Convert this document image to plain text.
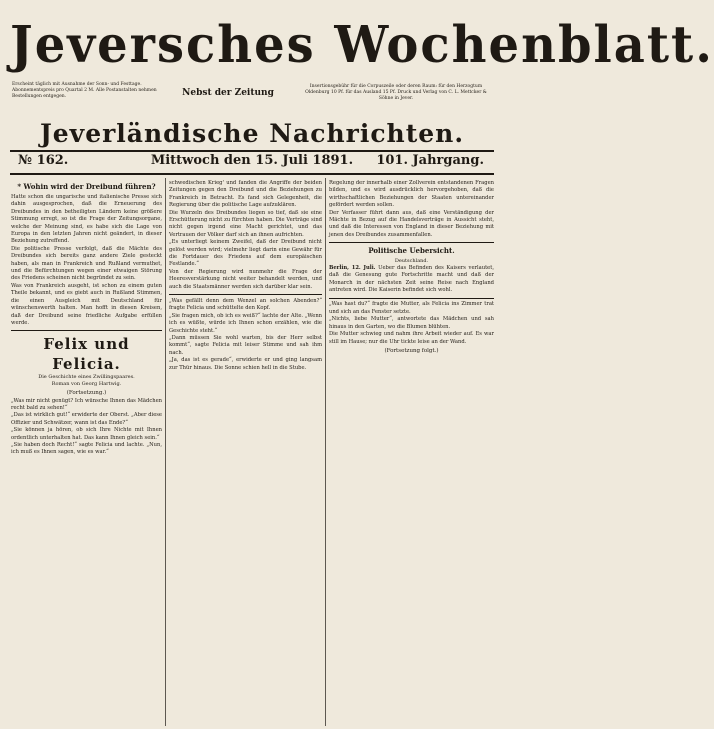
Jeversches Wochenblatt.
Erscheint täglich mit Ausnahme der Sonn- und Festtage. Abonnementspreis pro Quartal 2 M. Alle Postanstalten nehmen Bestellungen entgegen.	Nebst der Zeitung
Insertionsgebühr für die Corpuszeile oder deren Raum: für den Herzogtum Oldenburg 10 Pf. für das Ausland 15 Pf. Druck und Verlag von C. L. Mettcker & Söhne in Jever.
Jeverländische Nachrichten.
№ 162.	Mittwoch den 15. Juli 1891.	101. Jahrgang.
* Wohin wird der Dreibund führen?

Hatte schon die ungarische und italienische Presse sich dahin ausgesprochen, daß die Erneuerung des Dreibundes in den betheiligten Ländern keine größere Stimmung erregt, so ist die Frage der Zeitungsorgane, welche der Meinung sind, es habe sich die Lage von Europa in den letzten Jahren nicht geändert, in dieser Beziehung zutreffend.

Die politische Presse verfolgt, daß die Mächte des Dreibundes sich bereits ganz andere Ziele gesteckt haben, als man in Frankreich und Rußland vermuthet, und die Befürchtungen wegen einer etwaigen Störung des Friedens scheinen nicht begründet zu sein.

Was von Frankreich ausgeht, ist schon zu einem guten Theile bekannt, und es giebt auch in Rußland Stimmen, die einen Ausgleich mit Deutschland für wünschenswerth halten. Man hofft in diesen Kreisen, daß der Dreibund seine friedliche Aufgabe erfüllen werde.

Felix und Felicia.
Die Geschichte eines Zwillingspaares.
Roman von Georg Hartwig.
(Fortsetzung.)

„Was mir nicht genügt? Ich wünsche Ihnen das Mädchen recht bald zu sehen!“

„Das ist wirklich gut!“ erwiderte der Oberst. „Aber diese Offizier und Schwätzer, wann ist das Ende?“

„Sie können ja hören, ob sich Ihre Nichte mit Ihnen ordentlich unterhalten hat. Das kann Ihnen gleich sein.“

„Sie haben doch Recht!“ sagte Felicia und lachte. „Nun, ich muß es Ihnen sagen, wie es war.“

schwedischen Krieg' und fanden die Angriffe der beiden Zeitungen gegen den Dreibund und die Beziehungen zu Frankreich in Betracht. Es fand sich Gelegenheit, die Regierung über die politische Lage aufzuklären.

Die Wurzeln des Dreibundes liegen so tief, daß sie eine Erschütterung nicht zu fürchten haben. Die Verträge sind nicht gegen irgend eine Macht gerichtet, und das Vertrauen der Völker darf sich an ihnen aufrichten.

„Es unterliegt keinem Zweifel, daß der Dreibund nicht gelöst werden wird; vielmehr liegt darin eine Gewähr für die Fortdauer des Friedens auf dem europäischen Festlande.“

Von der Regierung wird nunmehr die Frage der Heeresverstärkung nicht weiter behandelt werden, und auch die Staatsmänner werden sich darüber klar sein.

„Was gefällt denn dem Wenzel an solchen Abenden?“ fragte Felicia und schüttelte den Kopf.

„Sie fragen mich, ob ich es weiß?“ lachte der Alte. „Wenn ich es wüßte, würde ich Ihnen schon erzählen, wie die Geschichte steht.“

„Dann müssen Sie wohl warten, bis der Herr selbst kommt“, sagte Felicia mit leiser Stimme und sah ihm nach.

„Ja, das ist es gerade“, erwiderte er und ging langsam zur Thür hinaus. Die Sonne schien hell in die Stube.

Regelung der innerhalb einer Zollverein entstandenen Fragen bilden, und es wird ausdrücklich hervorgehoben, daß die wirthschaftlichen Beziehungen der Staaten untereinander gefördert werden sollen.

Der Verfasser führt dann aus, daß eine Verständigung der Mächte in Bezug auf die Handelsverträge in Aussicht steht, und daß die Interessen von England in dieser Beziehung mit jenen des Dreibundes zusammenfallen.

Politische Uebersicht.
Deutschland.

Berlin, 12. Juli. Ueber das Befinden des Kaisers verlautet, daß die Genesung gute Fortschritte macht und daß der Monarch in der nächsten Zeit seine Reise nach England antreten wird. Die Kaiserin befindet sich wohl.

„Was hast du?“ fragte die Mutter, als Felicia ins Zimmer trat und sich an das Fenster setzte.

„Nichts, liebe Mutter“, antwortete das Mädchen und sah hinaus in den Garten, wo die Blumen blühten.

Die Mutter schwieg und nahm ihre Arbeit wieder auf. Es war still im Hause; nur die Uhr tickte leise an der Wand.

(Fortsetzung folgt.)
